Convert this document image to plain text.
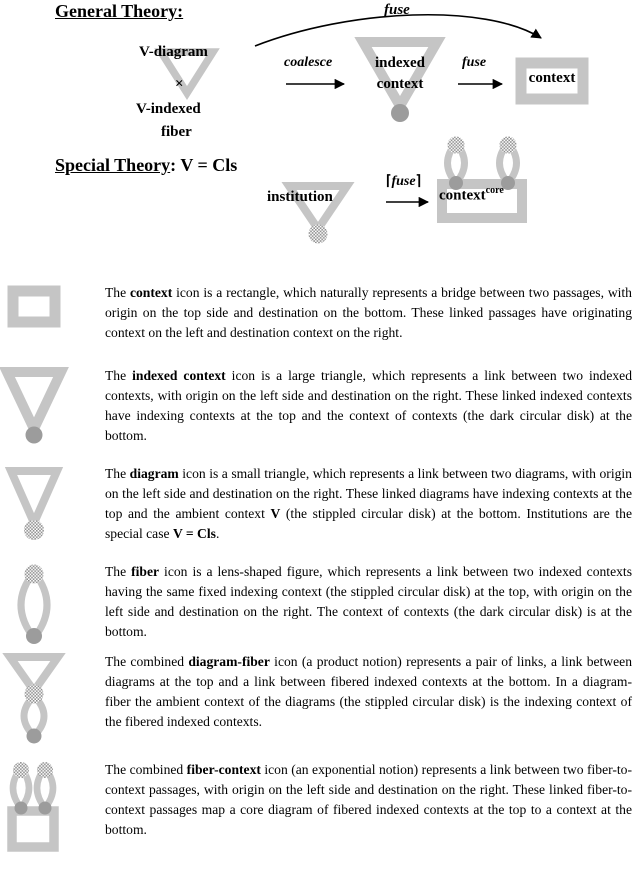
General Theory:	fuse
V-diagram
×
V-indexed
fiber
coalesce	indexed
context
fuse
context
Special Theory: V = Cls
institution
⌈fuse⌉
context$^{core}$

The context icon is a rectangle, which naturally represents a bridge between two passages, with origin on the top side and destination on the bottom. These linked passages have originating context on the left and destination context on the right.

The indexed context icon is a large triangle, which represents a link between two indexed contexts, with origin on the left side and destination on the right. These linked indexed contexts have indexing contexts at the top and the context of contexts (the dark circular disk) at the bottom.

The diagram icon is a small triangle, which represents a link between two diagrams, with origin on the left side and destination on the right. These linked diagrams have indexing contexts at the top and the ambient context V (the stippled circular disk) at the bottom. Institutions are the special case V = Cls.

The fiber icon is a lens-shaped figure, which represents a link between two indexed contexts having the same fixed indexing context (the stippled circular disk) at the top, with origin on the left side and destination on the right. The context of contexts (the dark circular disk) is at the bottom.

The combined diagram-fiber icon (a product notion) represents a pair of links, a link between diagrams at the top and a link between fibered indexed contexts at the bottom. In a diagram-fiber the ambient context of the diagrams (the stippled circular disk) is the indexing context of the fibered indexed contexts.

The combined fiber-context icon (an exponential notion) represents a link between two fiber-to-context passages, with origin on the left side and destination on the right. These linked fiber-to-context passages map a core diagram of fibered indexed contexts at the top to a context at the bottom.
